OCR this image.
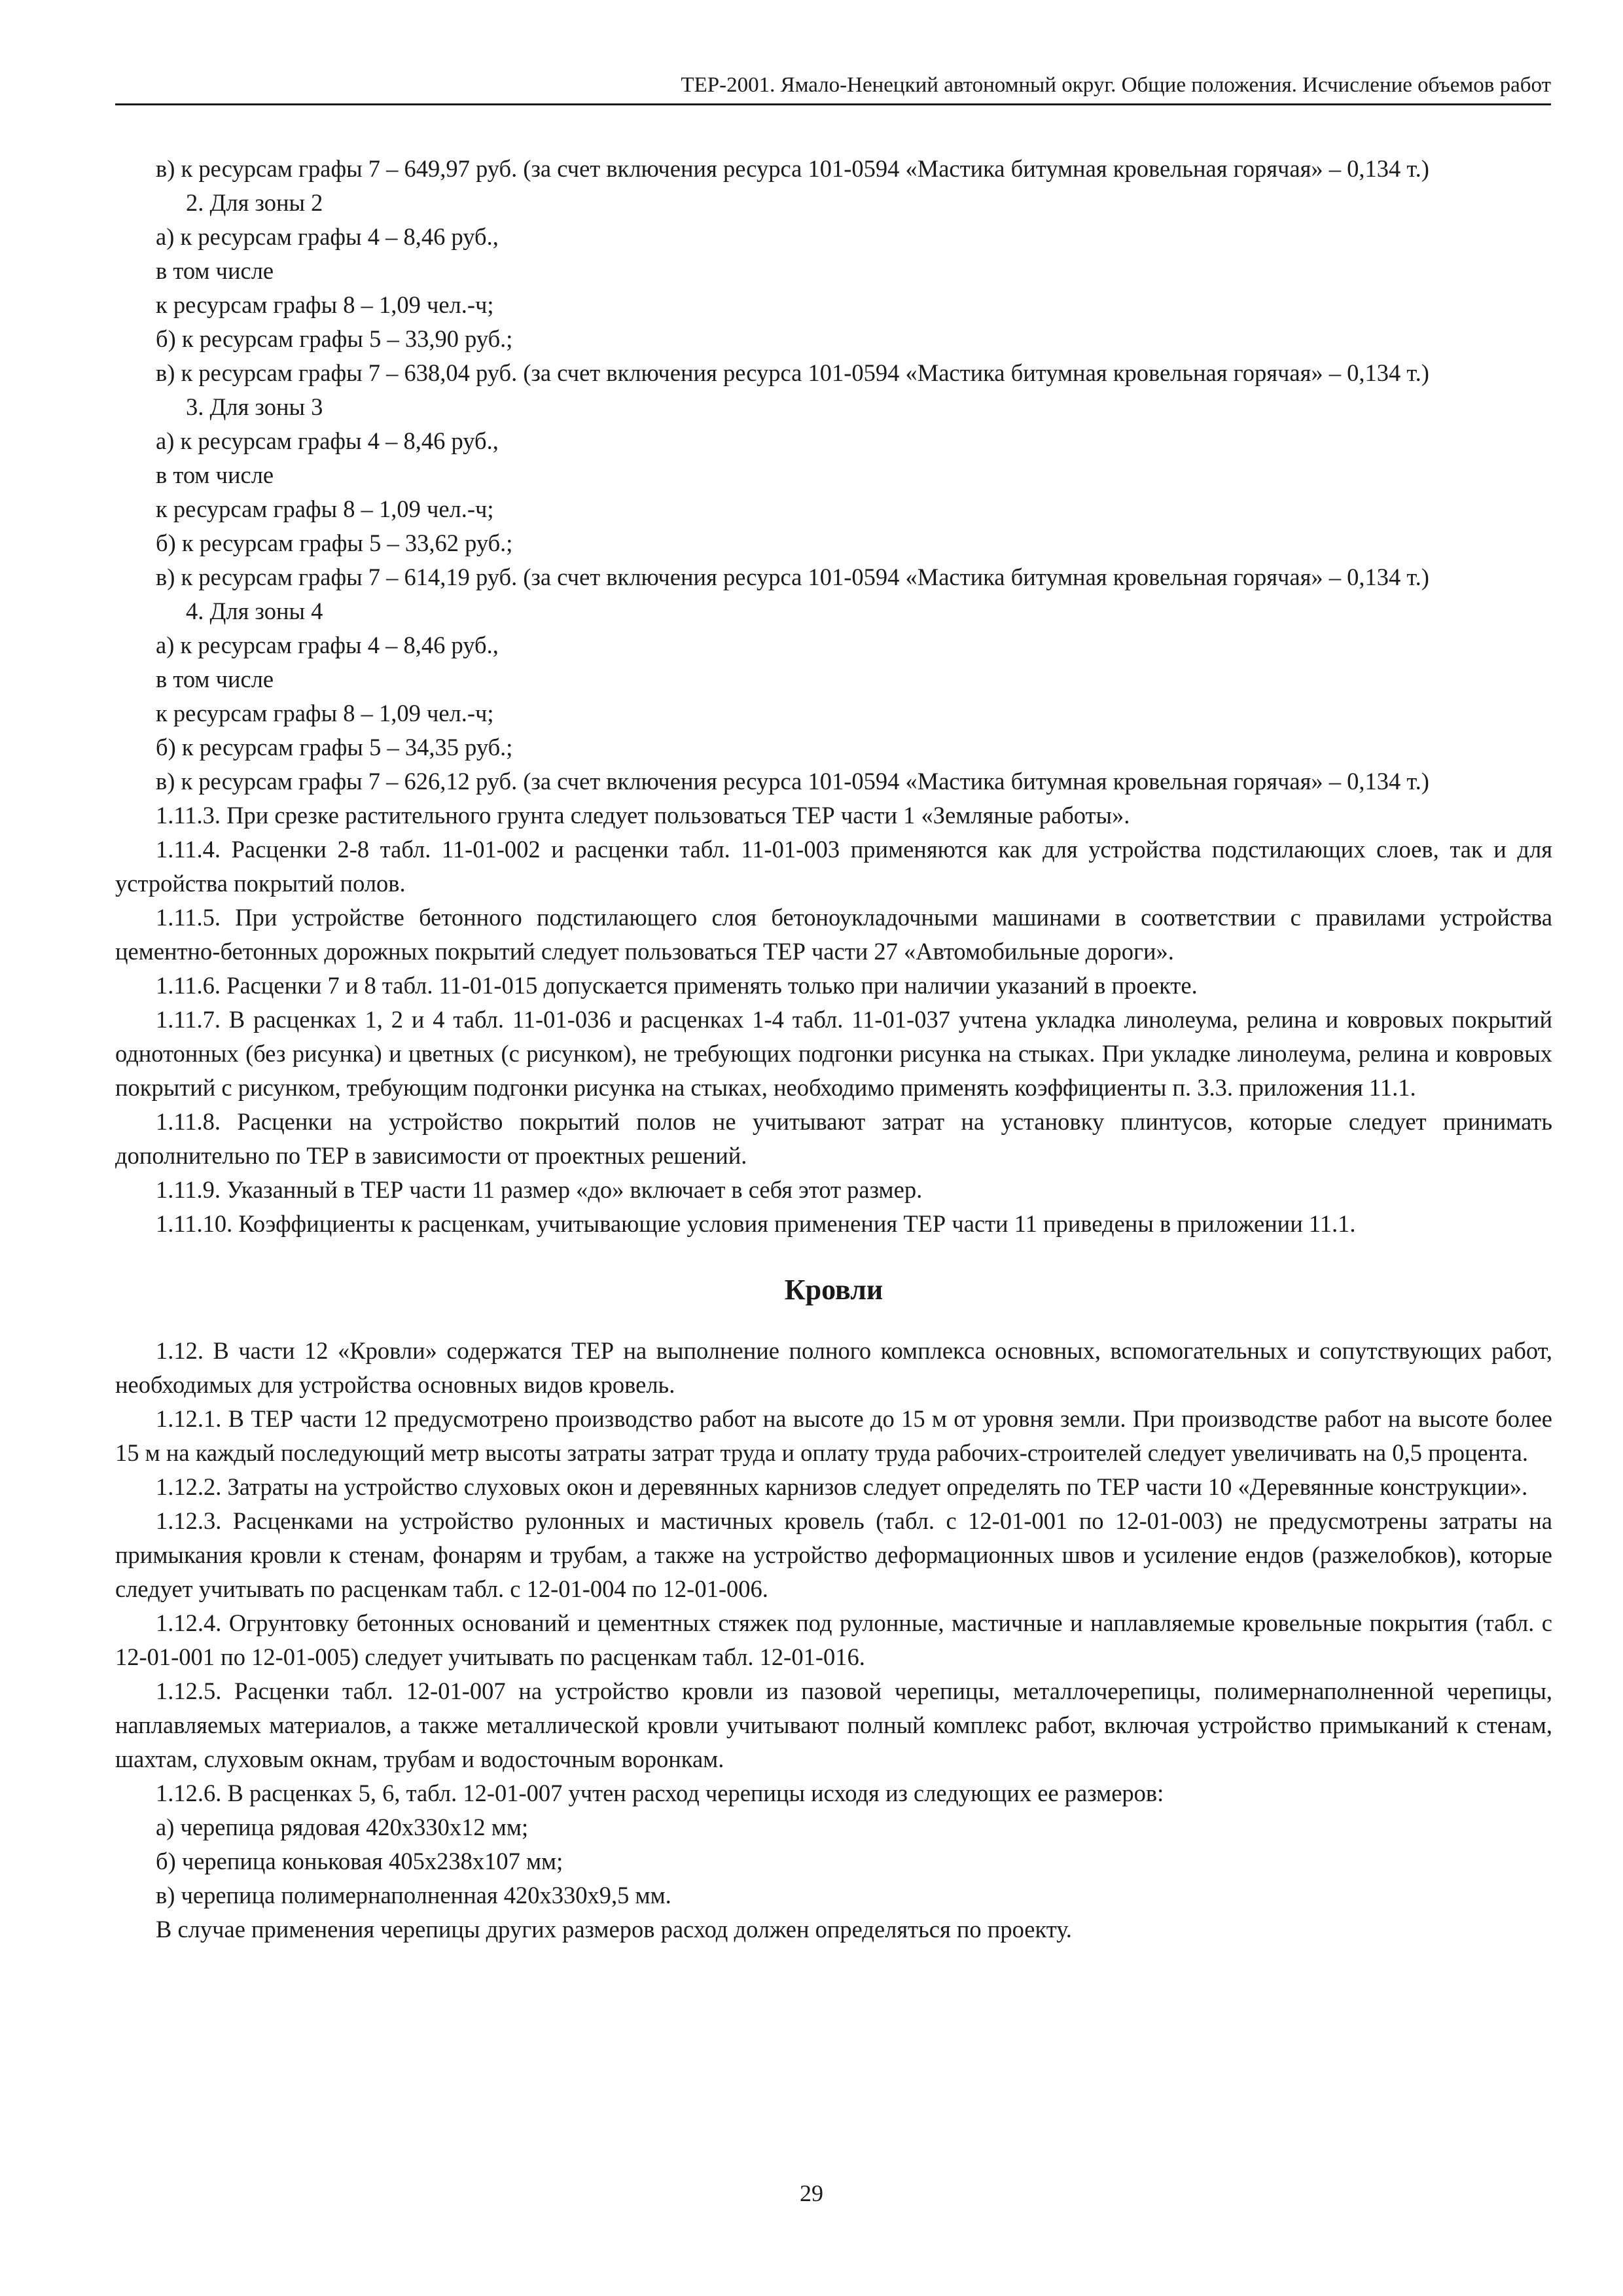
ТЕР-2001. Ямало-Ненецкий автономный округ. Общие положения. Исчисление объемов работ

в) к ресурсам графы 7 – 649,97 руб. (за счет включения ресурса 101-0594 «Мастика битумная кровельная горячая» – 0,134 т.)

2. Для зоны 2

а) к ресурсам графы 4 – 8,46 руб.,

в том числе

к ресурсам графы 8 – 1,09 чел.-ч;

б) к ресурсам графы 5 – 33,90 руб.;

в) к ресурсам графы 7 – 638,04 руб. (за счет включения ресурса 101-0594 «Мастика битумная кровельная горячая» – 0,134 т.)

3. Для зоны 3

а) к ресурсам графы 4 – 8,46 руб.,

в том числе

к ресурсам графы 8 – 1,09 чел.-ч;

б) к ресурсам графы 5 – 33,62 руб.;

в) к ресурсам графы 7 – 614,19 руб. (за счет включения ресурса 101-0594 «Мастика битумная кровельная горячая» – 0,134 т.)

4. Для зоны 4

а) к ресурсам графы 4 – 8,46 руб.,

в том числе

к ресурсам графы 8 – 1,09 чел.-ч;

б) к ресурсам графы 5 – 34,35 руб.;

в) к ресурсам графы 7 – 626,12 руб. (за счет включения ресурса 101-0594 «Мастика битумная кровельная горячая» – 0,134 т.)

1.11.3. При срезке растительного грунта следует пользоваться ТЕР части 1 «Земляные работы».

1.11.4. Расценки 2-8 табл. 11-01-002 и расценки табл. 11-01-003 применяются как для устройства подстилающих слоев, так и для устройства покрытий полов.

1.11.5. При устройстве бетонного подстилающего слоя бетоноукладочными машинами в соответствии с правилами устройства цементно-бетонных дорожных покрытий следует пользоваться ТЕР части 27 «Автомобильные дороги».

1.11.6. Расценки 7 и 8 табл. 11-01-015 допускается применять только при наличии указаний в проекте.

1.11.7. В расценках 1, 2 и 4 табл. 11-01-036 и расценках 1-4 табл. 11-01-037 учтена укладка линолеума, релина и ковровых покрытий однотонных (без рисунка) и цветных (с рисунком), не требующих подгонки рисунка на стыках. При укладке линолеума, релина и ковровых покрытий с рисунком, требующим подгонки рисунка на стыках, необходимо применять коэффициенты п. 3.3. приложения 11.1.

1.11.8. Расценки на устройство покрытий полов не учитывают затрат на установку плинтусов, которые следует принимать дополнительно по ТЕР в зависимости от проектных решений.

1.11.9. Указанный в ТЕР части 11 размер «до» включает в себя этот размер.

1.11.10. Коэффициенты к расценкам, учитывающие условия применения ТЕР части 11 приведены в приложении 11.1.

Кровли

1.12. В части 12 «Кровли» содержатся ТЕР на выполнение полного комплекса основных, вспомогательных и сопутствующих работ, необходимых для устройства основных видов кровель.

1.12.1. В ТЕР части 12 предусмотрено производство работ на высоте до 15 м от уровня земли. При производстве работ на высоте более 15 м на каждый последующий метр высоты затраты затрат труда и оплату труда рабочих-строителей следует увеличивать на 0,5 процента.

1.12.2. Затраты на устройство слуховых окон и деревянных карнизов следует определять по ТЕР части 10 «Деревянные конструкции».

1.12.3. Расценками на устройство рулонных и мастичных кровель (табл. с 12-01-001 по 12-01-003) не предусмотрены затраты на примыкания кровли к стенам, фонарям и трубам, а также на устройство деформационных швов и усиление ендов (разжелобков), которые следует учитывать по расценкам табл. с 12-01-004 по 12-01-006.

1.12.4. Огрунтовку бетонных оснований и цементных стяжек под рулонные, мастичные и наплавляемые кровельные покрытия (табл. с 12-01-001 по 12-01-005) следует учитывать по расценкам табл. 12-01-016.

1.12.5. Расценки табл. 12-01-007 на устройство кровли из пазовой черепицы, металлочерепицы, полимернаполненной черепицы, наплавляемых материалов, а также металлической кровли учитывают полный комплекс работ, включая устройство примыканий к стенам, шахтам, слуховым окнам, трубам и водосточным воронкам.

1.12.6. В расценках 5, 6, табл. 12-01-007 учтен расход черепицы исходя из следующих ее размеров:

а) черепица рядовая 420х330х12 мм;

б) черепица коньковая 405х238х107 мм;

в) черепица полимернаполненная 420х330х9,5 мм.

В случае применения черепицы других размеров расход должен определяться по проекту.

29
